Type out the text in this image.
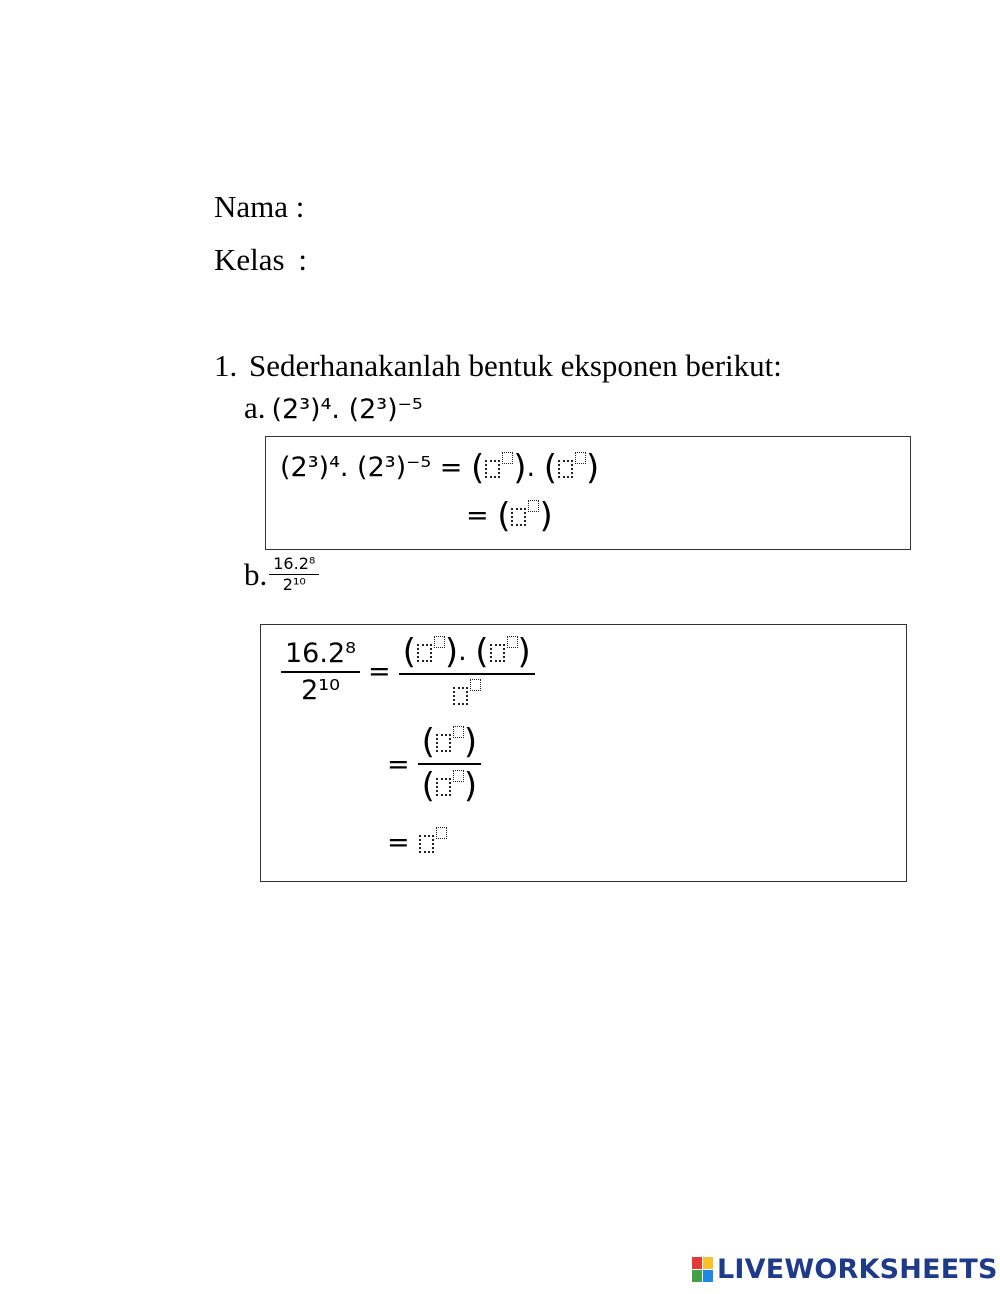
Nama :
Kelas :
1. Sederhanakanlah bentuk eksponen berikut:
a. (2³)⁴. (2³)⁻⁵
(2³)⁴. (2³)⁻⁵ = ( ). ( )
= ( )
b. $\frac{\text{16.2⁸}}{\text{2¹⁰}}$
$\frac{\text{16.2⁸}}{\text{2¹⁰}}$ = ( ). ( )
= $\frac{( )}{( )}$
=
LIVEWORKSHEETS
